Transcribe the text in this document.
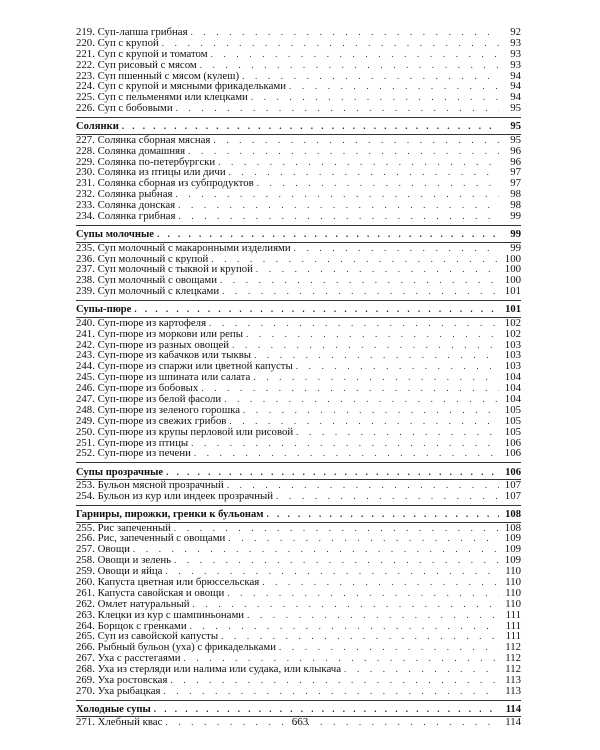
219. Суп-лапша грибная . . .	92
220. Суп с крупой . . .	93
221. Суп с крупой и томатом . . .	93
222. Суп рисовый с мясом . . .	93
223. Суп пшенный с мясом (кулеш) . . .	94
224. Суп с крупой и мясными фрикадельками . . .	94
225. Суп с пельменями или клецками . . .	94
226. Суп с бобовыми . . .	95
Солянки . . .	95
227. Солянка сборная мясная . . .	95
228. Солянка домашняя . . .	96
229. Солянка по-петербургски . . .	96
230. Солянка из птицы или дичи . . .	97
231. Солянка сборная из субпродуктов . . .	97
232. Солянка рыбная . . .	98
233. Солянка донская . . .	98
234. Солянка грибная . . .	99
Супы молочные . . .	99
235. Суп молочный с макаронными изделиями . . .	99
236. Суп молочный с крупой . . .	100
237. Суп молочный с тыквой и крупой . . .	100
238. Суп молочный с овощами . . .	100
239. Суп молочный с клецками . . .	101
Супы-пюре . . .	101
240. Суп-пюре из картофеля . . .	102
241. Суп-пюре из моркови или репы . . .	102
242. Суп-пюре из разных овощей . . .	103
243. Суп-пюре из кабачков или тыквы . . .	103
244. Суп-пюре из спаржи или цветной капусты . . .	103
245. Суп-пюре из шпината или салата . . .	104
246. Суп-пюре из бобовых . . .	104
247. Суп-пюре из белой фасоли . . .	104
248. Суп-пюре из зеленого горошка . . .	105
249. Суп-пюре из свежих грибов . . .	105
250. Суп-пюре из крупы перловой или рисовой . . .	105
251. Суп-пюре из птицы . . .	106
252. Суп-пюре из печени . . .	106
Супы прозрачные . . .	106
253. Бульон мясной прозрачный . . .	107
254. Бульон из кур или индеек прозрачный . . .	107
Гарниры, пирожки, гренки к бульонам . . .	108
255. Рис запеченный . . .	108
256. Рис, запеченный с овощами . . .	109
257. Овощи . . .	109
258. Овощи и зелень . . .	109
259. Овощи и яйца . . .	110
260. Капуста цветная или брюссельская . . .	110
261. Капуста савойская и овощи . . .	110
262. Омлет натуральный . . .	110
263. Клецки из кур с шампиньонами . . .	111
264. Борщок с гренками . . .	111
265. Суп из савойской капусты . . .	111
266. Рыбный бульон (уха) с фрикадельками . . .	112
267. Уха с расстегаями . . .	112
268. Уха из стерляди или налима или судака, или клыкача . . .	112
269. Уха ростовская . . .	113
270. Уха рыбацкая . . .	113
Холодные супы . . .	114
271. Хлебный квас . . .	114
663
